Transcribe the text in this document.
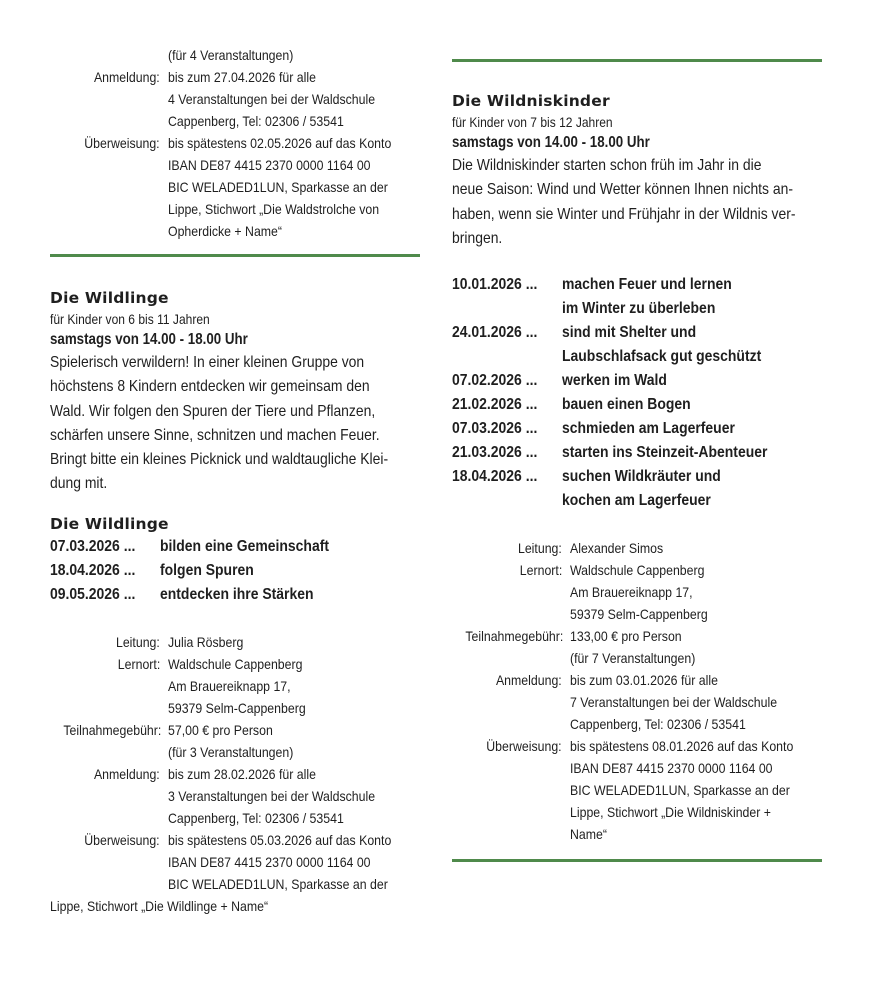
(für 4 Veranstaltungen)
Anmeldung: bis zum 27.04.2026 für alle
4 Veranstaltungen bei der Waldschule
Cappenberg, Tel: 02306 / 53541
Überweisung: bis spätestens 02.05.2026 auf das Konto
IBAN DE87 4415 2370 0000 1164 00
BIC WELADED1LUN, Sparkasse an der
Lippe, Stichwort „Die Waldstrolche von
Opherdicke + Name“
Die Wildlinge
für Kinder von 6 bis 11 Jahren
samstags von 14.00 - 18.00 Uhr
Spielerisch verwildern! In einer kleinen Gruppe von
höchstens 8 Kindern entdecken wir gemeinsam den
Wald. Wir folgen den Spuren der Tiere und Pflanzen,
schärfen unsere Sinne, schnitzen und machen Feuer.
Bringt bitte ein kleines Picknick und waldtaugliche Klei-
dung mit.
Die Wildlinge
07.03.2026 ...	bilden eine Gemeinschaft
18.04.2026 ...	folgen Spuren
09.05.2026 ...	entdecken ihre Stärken
Leitung: Julia Rösberg
Lernort: Waldschule Cappenberg
Am Brauereiknapp 17,
59379 Selm-Cappenberg
Teilnahmegebühr: 57,00 € pro Person
(für 3 Veranstaltungen)
Anmeldung: bis zum 28.02.2026 für alle
3 Veranstaltungen bei der Waldschule
Cappenberg, Tel: 02306 / 53541
Überweisung: bis spätestens 05.03.2026 auf das Konto
IBAN DE87 4415 2370 0000 1164 00
BIC WELADED1LUN, Sparkasse an der
Lippe, Stichwort „Die Wildlinge + Name“
Die Wildniskinder
für Kinder von 7 bis 12 Jahren
samstags von 14.00 - 18.00 Uhr
Die Wildniskinder starten schon früh im Jahr in die
neue Saison: Wind und Wetter können Ihnen nichts an-
haben, wenn sie Winter und Frühjahr in der Wildnis ver-
bringen.
10.01.2026 ...	machen Feuer und lernen
im Winter zu überleben
24.01.2026 ...	sind mit Shelter und
Laubschlafsack gut geschützt
07.02.2026 ...	werken im Wald
21.02.2026 ...	bauen einen Bogen
07.03.2026 ...	schmieden am Lagerfeuer
21.03.2026 ...	starten ins Steinzeit-Abenteuer
18.04.2026 ...	suchen Wildkräuter und
kochen am Lagerfeuer
Leitung: Alexander Simos
Lernort: Waldschule Cappenberg
Am Brauereiknapp 17,
59379 Selm-Cappenberg
Teilnahmegebühr: 133,00 € pro Person
(für 7 Veranstaltungen)
Anmeldung: bis zum 03.01.2026 für alle
7 Veranstaltungen bei der Waldschule
Cappenberg, Tel: 02306 / 53541
Überweisung: bis spätestens 08.01.2026 auf das Konto
IBAN DE87 4415 2370 0000 1164 00
BIC WELADED1LUN, Sparkasse an der
Lippe, Stichwort „Die Wildniskinder +
Name“
